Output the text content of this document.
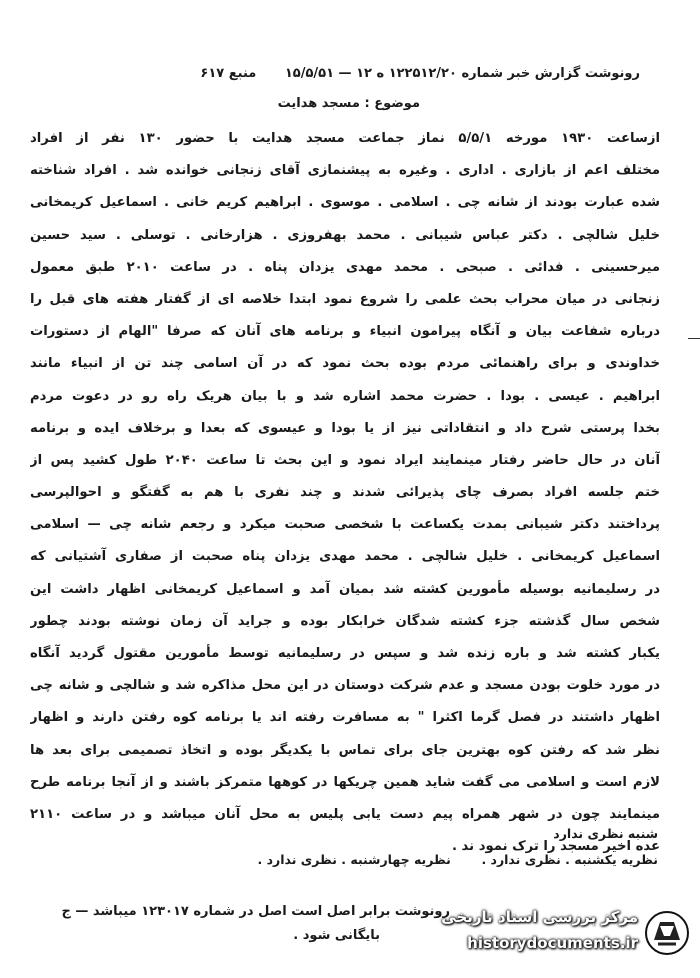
رونوشت گزارش خبر شماره ۱۲۲۵۱۲/۲۰ ه ۱۲ — ۱۵/۵/۵۱ منبع ۶۱۷
موضوع : مسجد هدایت
ازساعت ۱۹۳۰ مورخه ۵/۵/۱ نماز جماعت مسجد هدایت با حضور ۱۳۰ نفر از افراد
مختلف اعم از بازاری . اداری . وغیره به پیشنمازی آقای زنجانی خوانده شد . افراد شناخته
شده عبارت بودند از شانه چی . اسلامی . موسوی . ابراهیم کریم خانی . اسماعیل کریمخانی
خلیل شالچی . دکتر عباس شیبانی . محمد بهفروزی . هزارخانی . توسلی . سید حسین
میرحسینی . فدائی . صبحی . محمد مهدی یزدان پناه . در ساعت ۲۰۱۰ طبق معمول
زنجانی در میان محراب بحث علمی را شروع نمود ابتدا خلاصه ای از گفتار هفته های قبل را
درباره شفاعت بیان و آنگاه پیرامون انبیاء و برنامه های آنان که صرفا "الهام از دستورات
خداوندی و برای راهنمائی مردم بوده بحث نمود که در آن اسامی چند تن از انبیاء مانند
ابراهیم . عیسی . بودا . حضرت محمد اشاره شد و با بیان هریک راه رو در دعوت مردم
بخدا پرستی شرح داد و انتقاداتی نیز از یا بودا و عیسوی که بعدا و برخلاف ایده و برنامه
آنان در حال حاضر رفتار مینمایند ایراد نمود و این بحث تا ساعت ۲۰۴۰ طول کشید پس از
ختم جلسه افراد بصرف چای پذیرائی شدند و چند نفری با هم به گفتگو و احوالپرسی
پرداختند دکتر شیبانی بمدت یکساعت با شخصی صحبت میکرد و رجعم شانه چی — اسلامی
اسماعیل کریمخانی . خلیل شالچی . محمد مهدی یزدان پناه صحبت از صفاری آشتیانی که
در رسلیمانیه بوسیله مأمورین کشته شد بمیان آمد و اسماعیل کریمخانی اظهار داشت این
شخص سال گذشته جزء کشته شدگان خرابکار بوده و جراید آن زمان نوشته بودند چطور
یکبار کشته شد و باره زنده شد و سپس در رسلیمانیه توسط مأمورین مقتول گردید آنگاه
در مورد خلوت بودن مسجد و عدم شرکت دوستان در این محل مذاکره شد و شالچی و شانه چی
اظهار داشتند در فصل گرما اکثرا " به مسافرت رفته اند یا برنامه کوه رفتن دارند و اظهار
نظر شد که رفتن کوه بهترین جای برای تماس با یکدیگر بوده و اتخاذ تصمیمی برای بعد ها
لازم است و اسلامی می گفت شاید همین چریکها در کوهها متمرکز باشند و از آنجا برنامه طرح
مینمایند چون در شهر همراه پیم دست یابی پلیس به محل آنان میباشد و در ساعت ۲۱۱۰
عده اخیر مسجد را ترک نمود ند .
شنبه نظری ندارد
نظریه یکشنبه . نظری ندارد . نظریه چهارشنبه . نظری ندارد .
رونوشت برابر اصل است اصل در شماره ۱۲۳۰۱۷ میباشد — ج
بایگانی شود .
مرکز بررسی اسناد تاریخی
historydocuments.ir
